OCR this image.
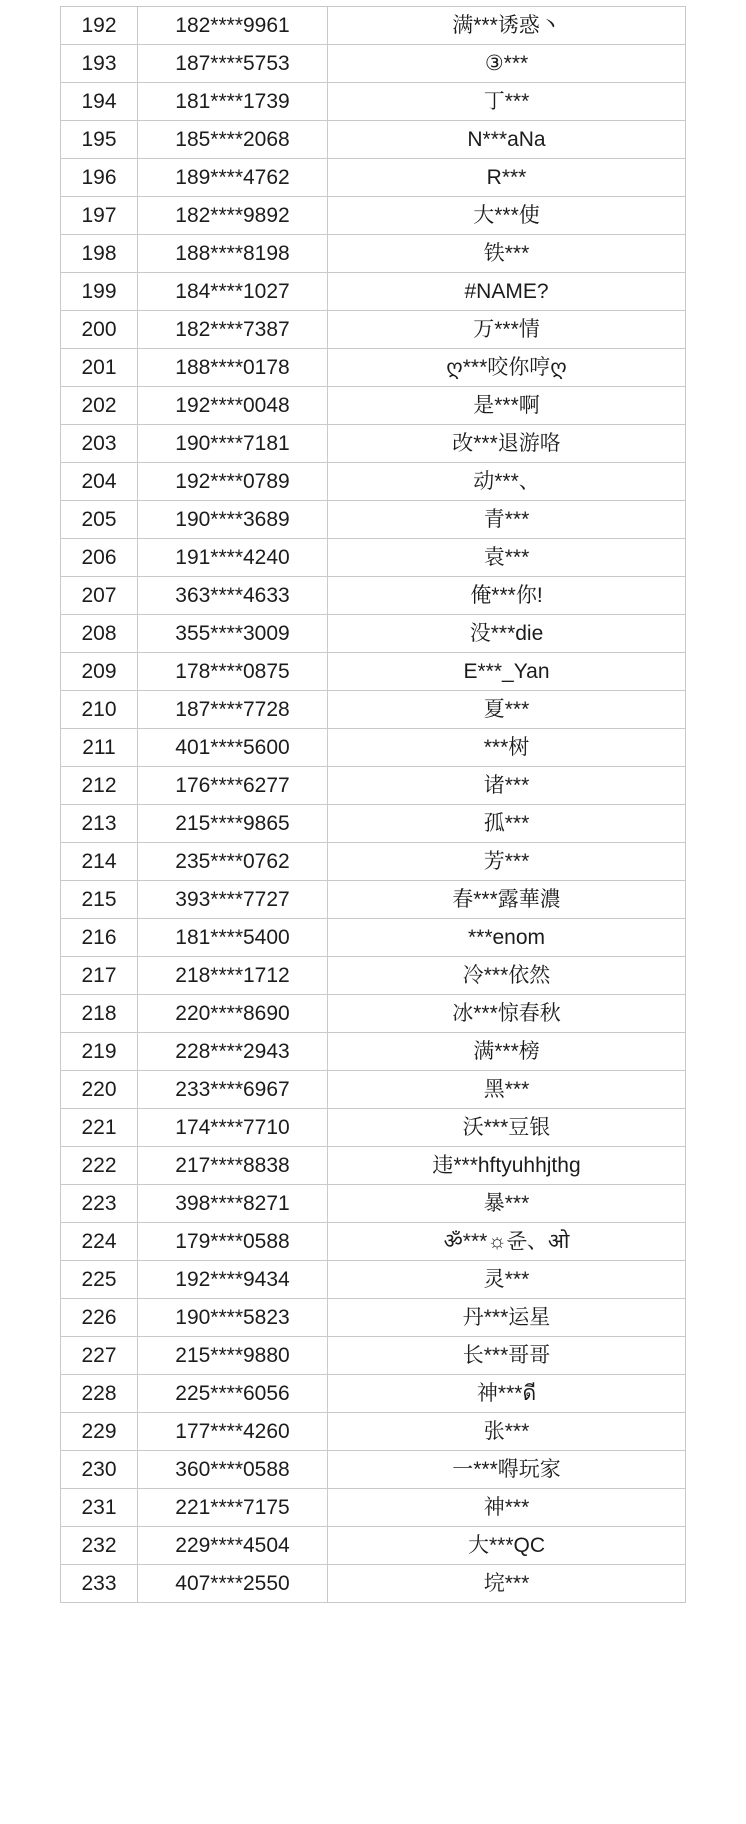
192	182****9961	满***诱惑丶
193	187****5753	③***
194	181****1739	丁***
195	185****2068	N***aNa
196	189****4762	R***
197	182****9892	大***使
198	188****8198	铁***
199	184****1027	#NAME?
200	182****7387	万***情
201	188****0178	ღ***咬你哼ღ
202	192****0048	是***啊
203	190****7181	改***退游咯
204	192****0789	动***、
205	190****3689	青***
206	191****4240	袁***
207	363****4633	俺***你!
208	355****3009	没***die
209	178****0875	E***_Yan
210	187****7728	夏***
211	401****5600	***树
212	176****6277	诸***
213	215****9865	孤***
214	235****0762	芳***
215	393****7727	春***露華濃
216	181****5400	***enom
217	218****1712	冷***依然
218	220****8690	冰***惊春秋
219	228****2943	满***榜
220	233****6967	黑***
221	174****7710	沃***豆银
222	217****8838	违***hftyuhhjthg
223	398****8271	暴***
224	179****0588	ॐ***☼쥰、ओ
225	192****9434	灵***
226	190****5823	丹***运星
227	215****9880	长***哥哥
228	225****6056	神***ดี
229	177****4260	张***
230	360****0588	一***嘚玩家
231	221****7175	神***
232	229****4504	大***QC
233	407****2550	垸***
